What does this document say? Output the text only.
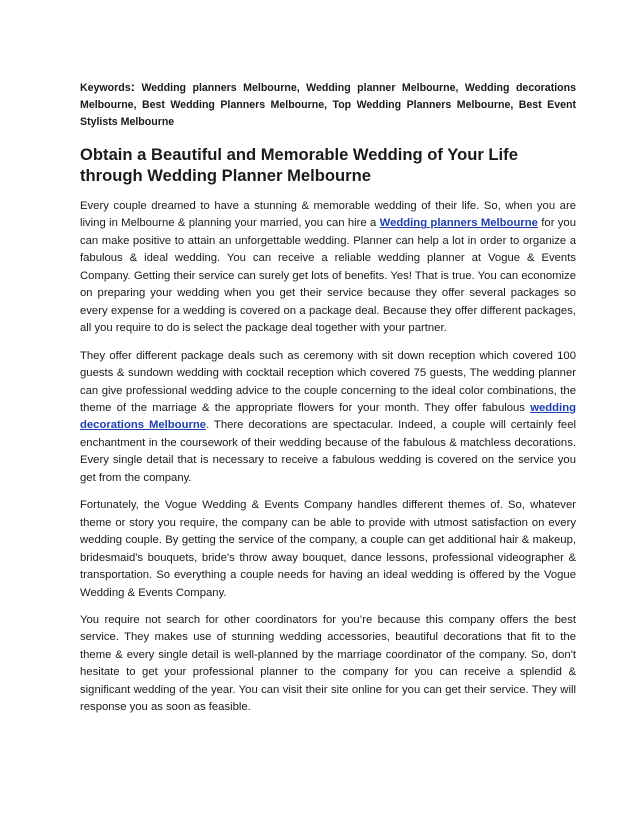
Keywords: Wedding planners Melbourne, Wedding planner Melbourne, Wedding decorations Melbourne, Best Wedding Planners Melbourne, Top Wedding Planners Melbourne, Best Event Stylists Melbourne

Obtain a Beautiful and Memorable Wedding of Your Life through Wedding Planner Melbourne

Every couple dreamed to have a stunning & memorable wedding of their life. So, when you are living in Melbourne & planning your married, you can hire a Wedding planners Melbourne for you can make positive to attain an unforgettable wedding. Planner can help a lot in order to organize a fabulous & ideal wedding. You can receive a reliable wedding planner at Vogue & Events Company. Getting their service can surely get lots of benefits. Yes! That is true. You can economize on preparing your wedding when you get their service because they offer several packages so every expense for a wedding is covered on a package deal. Because they offer different packages, all you require to do is select the package deal together with your partner.

They offer different package deals such as ceremony with sit down reception which covered 100 guests & sundown wedding with cocktail reception which covered 75 guests, The wedding planner can give professional wedding advice to the couple concerning to the ideal color combinations, the theme of the marriage & the appropriate flowers for your month. They offer fabulous wedding decorations Melbourne. There decorations are spectacular. Indeed, a couple will certainly feel enchantment in the coursework of their wedding because of the fabulous & matchless decorations. Every single detail that is necessary to receive a fabulous wedding is covered on the service you get from the company.

Fortunately, the Vogue Wedding & Events Company handles different themes of. So, whatever theme or story you require, the company can be able to provide with utmost satisfaction on every wedding couple. By getting the service of the company, a couple can get additional hair & makeup, bridesmaid's bouquets, bride's throw away bouquet, dance lessons, professional videographer & transportation. So everything a couple needs for having an ideal wedding is offered by the Vogue Wedding & Events Company.

You require not search for other coordinators for you’re because this company offers the best service. They makes use of stunning wedding accessories, beautiful decorations that fit to the theme & every single detail is well-planned by the marriage coordinator of the company. So, don't hesitate to get your professional planner to the company for you can receive a splendid & significant wedding of the year. You can visit their site online for you can get their service. They will response you as soon as feasible.
